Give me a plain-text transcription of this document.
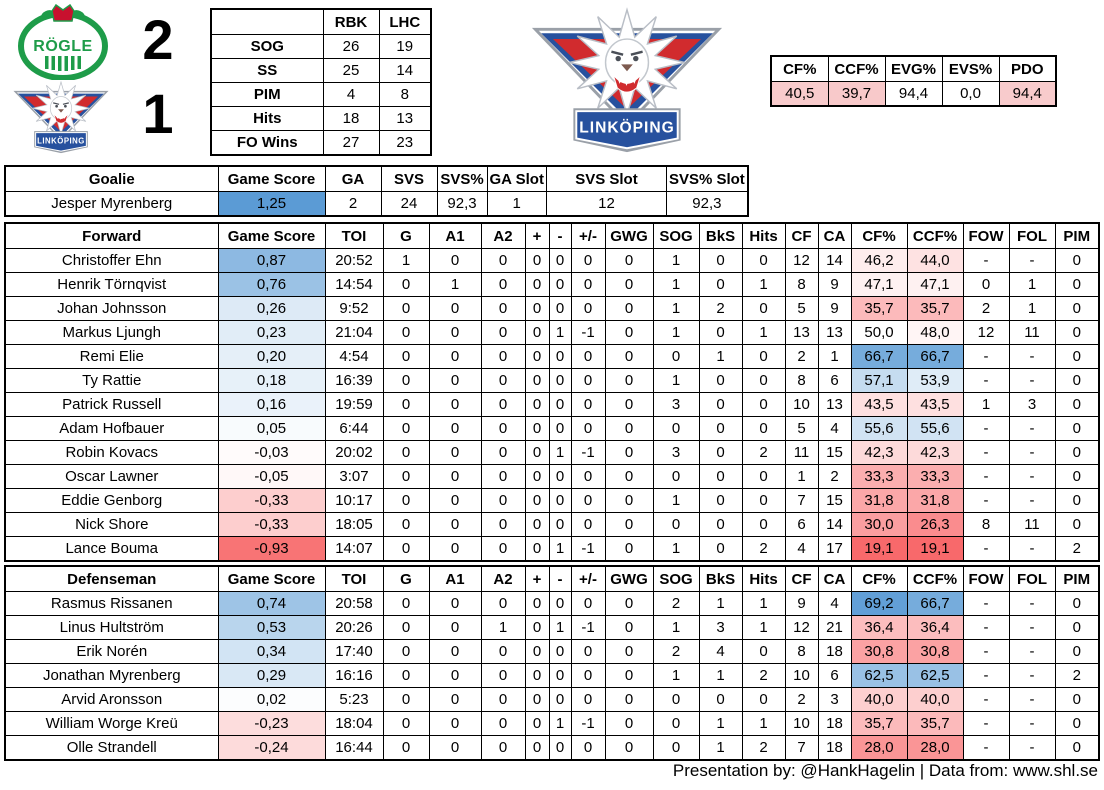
RÖGLE 2
1
	RBK	LHC
SOG	26	19
SS	25	14
PIM	4	8
Hits	18	13
FO Wins	27	23
CF%	CCF%	EVG%	EVS%	PDO
40,5	39,7	94,4	0,0	94,4
Goalie	Game Score	GA	SVS	SVS%	GA Slot	SVS Slot	SVS% Slot
Jesper Myrenberg	1,25	2	24	92,3	1	12	92,3
Forward	Game Score	TOI	G	A1	A2	+	-	+/-	GWG	SOG	BkS	Hits	CF	CA	CF%	CCF%	FOW	FOL	PIM
Christoffer Ehn	0,87	20:52	1	0	0	0	0	0	0	1	0	0	12	14	46,2	44,0	-	-	0
Henrik Törnqvist	0,76	14:54	0	1	0	0	0	0	0	1	0	1	8	9	47,1	47,1	0	1	0
Johan Johnsson	0,26	9:52	0	0	0	0	0	0	0	1	2	0	5	9	35,7	35,7	2	1	0
Markus Ljungh	0,23	21:04	0	0	0	0	1	-1	0	1	0	1	13	13	50,0	48,0	12	11	0
Remi Elie	0,20	4:54	0	0	0	0	0	0	0	0	1	0	2	1	66,7	66,7	-	-	0
Ty Rattie	0,18	16:39	0	0	0	0	0	0	0	1	0	0	8	6	57,1	53,9	-	-	0
Patrick Russell	0,16	19:59	0	0	0	0	0	0	0	3	0	0	10	13	43,5	43,5	1	3	0
Adam Hofbauer	0,05	6:44	0	0	0	0	0	0	0	0	0	0	5	4	55,6	55,6	-	-	0
Robin Kovacs	-0,03	20:02	0	0	0	0	1	-1	0	3	0	2	11	15	42,3	42,3	-	-	0
Oscar Lawner	-0,05	3:07	0	0	0	0	0	0	0	0	0	0	1	2	33,3	33,3	-	-	0
Eddie Genborg	-0,33	10:17	0	0	0	0	0	0	0	1	0	0	7	15	31,8	31,8	-	-	0
Nick Shore	-0,33	18:05	0	0	0	0	0	0	0	0	0	0	6	14	30,0	26,3	8	11	0
Lance Bouma	-0,93	14:07	0	0	0	0	1	-1	0	1	0	2	4	17	19,1	19,1	-	-	2
Defenseman	Game Score	TOI	G	A1	A2	+	-	+/-	GWG	SOG	BkS	Hits	CF	CA	CF%	CCF%	FOW	FOL	PIM
Rasmus Rissanen	0,74	20:58	0	0	0	0	0	0	0	2	1	1	9	4	69,2	66,7	-	-	0
Linus Hultström	0,53	20:26	0	0	1	0	1	-1	0	1	3	1	12	21	36,4	36,4	-	-	0
Erik Norén	0,34	17:40	0	0	0	0	0	0	0	2	4	0	8	18	30,8	30,8	-	-	0
Jonathan Myrenberg	0,29	16:16	0	0	0	0	0	0	0	1	1	2	10	6	62,5	62,5	-	-	2
Arvid Aronsson	0,02	5:23	0	0	0	0	0	0	0	0	0	0	2	3	40,0	40,0	-	-	0
William Worge Kreü	-0,23	18:04	0	0	0	0	1	-1	0	0	1	1	10	18	35,7	35,7	-	-	0
Olle Strandell	-0,24	16:44	0	0	0	0	0	0	0	0	1	2	7	18	28,0	28,0	-	-	0
Presentation by: @HankHagelin | Data from: www.shl.se
